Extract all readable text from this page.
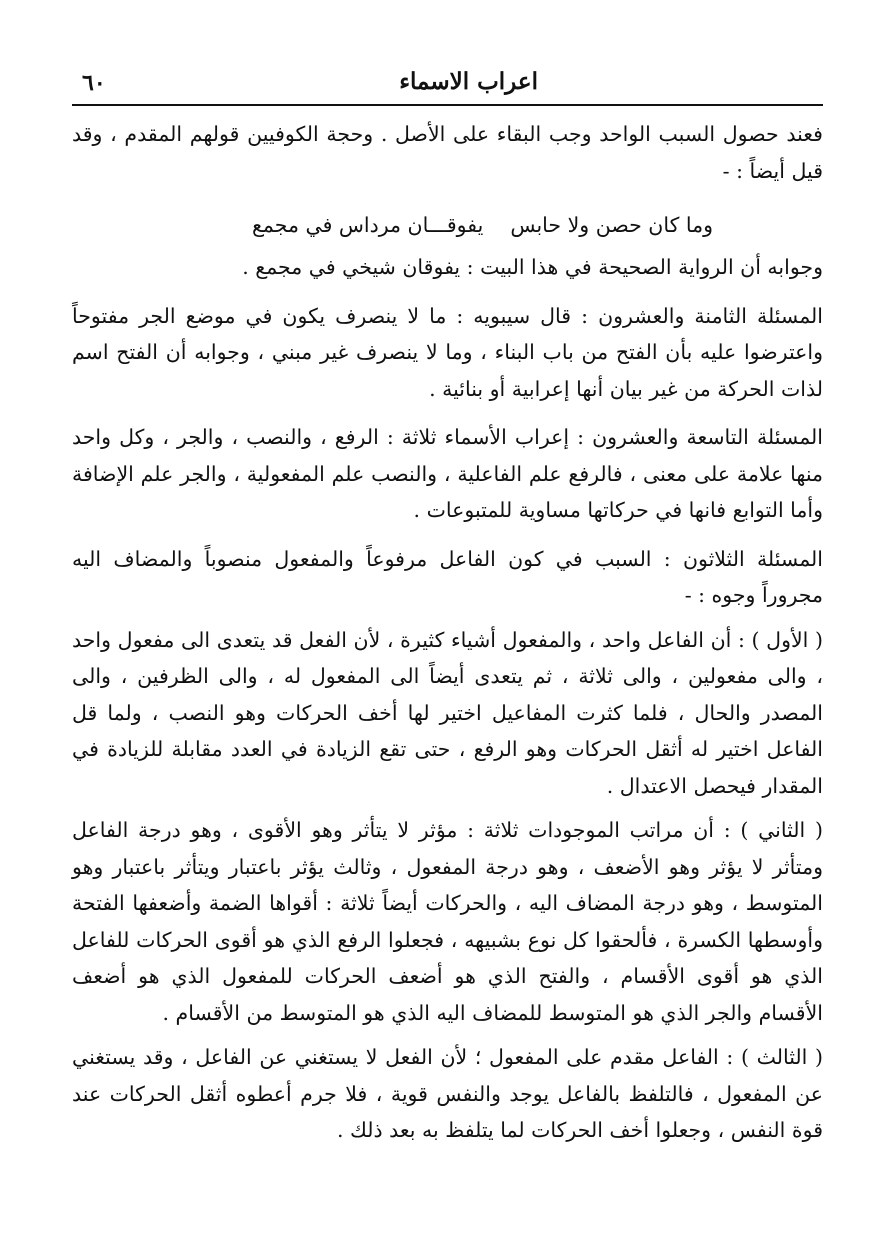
اعراب الاسماء
٦٠

فعند حصول السبب الواحد وجب البقاء على الأصل . وحجة الكوفيين قولهم المقدم ، وقد قيل أيضاً : -

وما كان حصن ولا حابس
يفوقـــان مرداس في مجمع

وجوابه أن الرواية الصحيحة في هذا البيت : يفوقان شيخي في مجمع .

المسئلة الثامنة والعشرون : قال سيبويه : ما لا ينصرف يكون في موضع الجر مفتوحاً واعترضوا عليه بأن الفتح من باب البناء ، وما لا ينصرف غير مبني ، وجوابه أن الفتح اسم لذات الحركة من غير بيان أنها إعرابية أو بنائية .

المسئلة التاسعة والعشرون : إعراب الأسماء ثلاثة : الرفع ، والنصب ، والجر ، وكل واحد منها علامة على معنى ، فالرفع علم الفاعلية ، والنصب علم المفعولية ، والجر علم الإضافة وأما التوابع فانها في حركاتها مساوية للمتبوعات .

المسئلة الثلاثون : السبب في كون الفاعل مرفوعاً والمفعول منصوباً والمضاف اليه مجروراً وجوه : -

( الأول ) : أن الفاعل واحد ، والمفعول أشياء كثيرة ، لأن الفعل قد يتعدى الى مفعول واحد ، والى مفعولين ، والى ثلاثة ، ثم يتعدى أيضاً الى المفعول له ، والى الظرفين ، والى المصدر والحال ، فلما كثرت المفاعيل اختير لها أخف الحركات وهو النصب ، ولما قل الفاعل اختير له أثقل الحركات وهو الرفع ، حتى تقع الزيادة في العدد مقابلة للزيادة في المقدار فيحصل الاعتدال .

( الثاني ) : أن مراتب الموجودات ثلاثة : مؤثر لا يتأثر وهو الأقوى ، وهو درجة الفاعل ومتأثر لا يؤثر وهو الأضعف ، وهو درجة المفعول ، وثالث يؤثر باعتبار ويتأثر باعتبار وهو المتوسط ، وهو درجة المضاف اليه ، والحركات أيضاً ثلاثة : أقواها الضمة وأضعفها الفتحة وأوسطها الكسرة ، فألحقوا كل نوع بشبيهه ، فجعلوا الرفع الذي هو أقوى الحركات للفاعل الذي هو أقوى الأقسام ، والفتح الذي هو أضعف الحركات للمفعول الذي هو أضعف الأقسام والجر الذي هو المتوسط للمضاف اليه الذي هو المتوسط من الأقسام .

( الثالث ) : الفاعل مقدم على المفعول ؛ لأن الفعل لا يستغني عن الفاعل ، وقد يستغني عن المفعول ، فالتلفظ بالفاعل يوجد والنفس قوية ، فلا جرم أعطوه أثقل الحركات عند قوة النفس ، وجعلوا أخف الحركات لما يتلفظ به بعد ذلك .
